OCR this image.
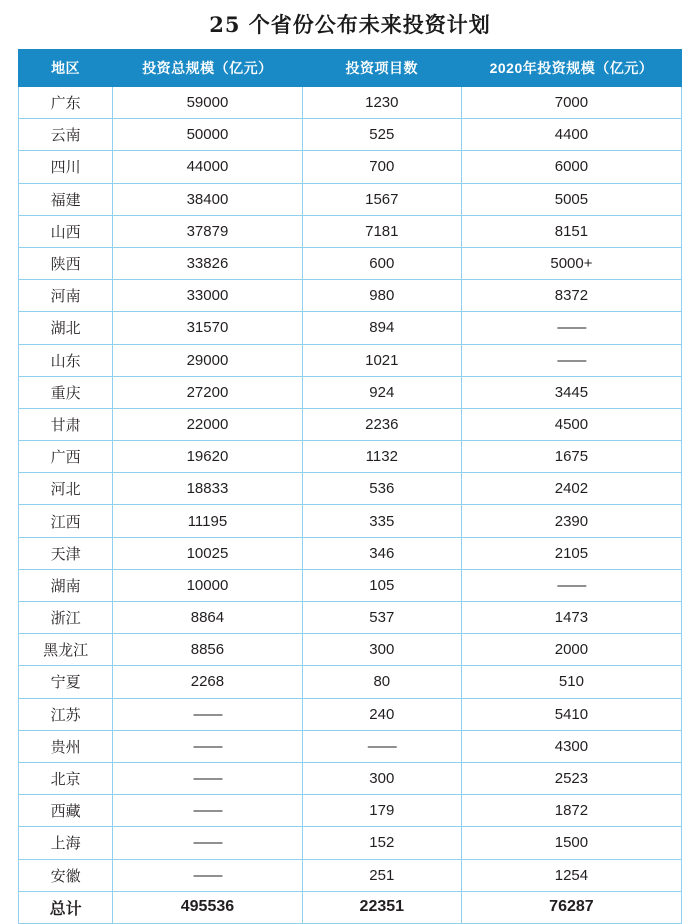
25 个省份公布未来投资计划
地区	投资总规模（亿元）	投资项目数	2020年投资规模（亿元）
广东	59000	1230	7000
云南	50000	525	4400
四川	44000	700	6000
福建	38400	1567	5005
山西	37879	7181	8151
陕西	33826	600	5000+
河南	33000	980	8372
湖北	31570	894	——
山东	29000	1021	——
重庆	27200	924	3445
甘肃	22000	2236	4500
广西	19620	1132	1675
河北	18833	536	2402
江西	11195	335	2390
天津	10025	346	2105
湖南	10000	105	——
浙江	8864	537	1473
黑龙江	8856	300	2000
宁夏	2268	80	510
江苏	——	240	5410
贵州	——	——	4300
北京	——	300	2523
西藏	——	179	1872
上海	——	152	1500
安徽	——	251	1254
总计	495536	22351	76287
